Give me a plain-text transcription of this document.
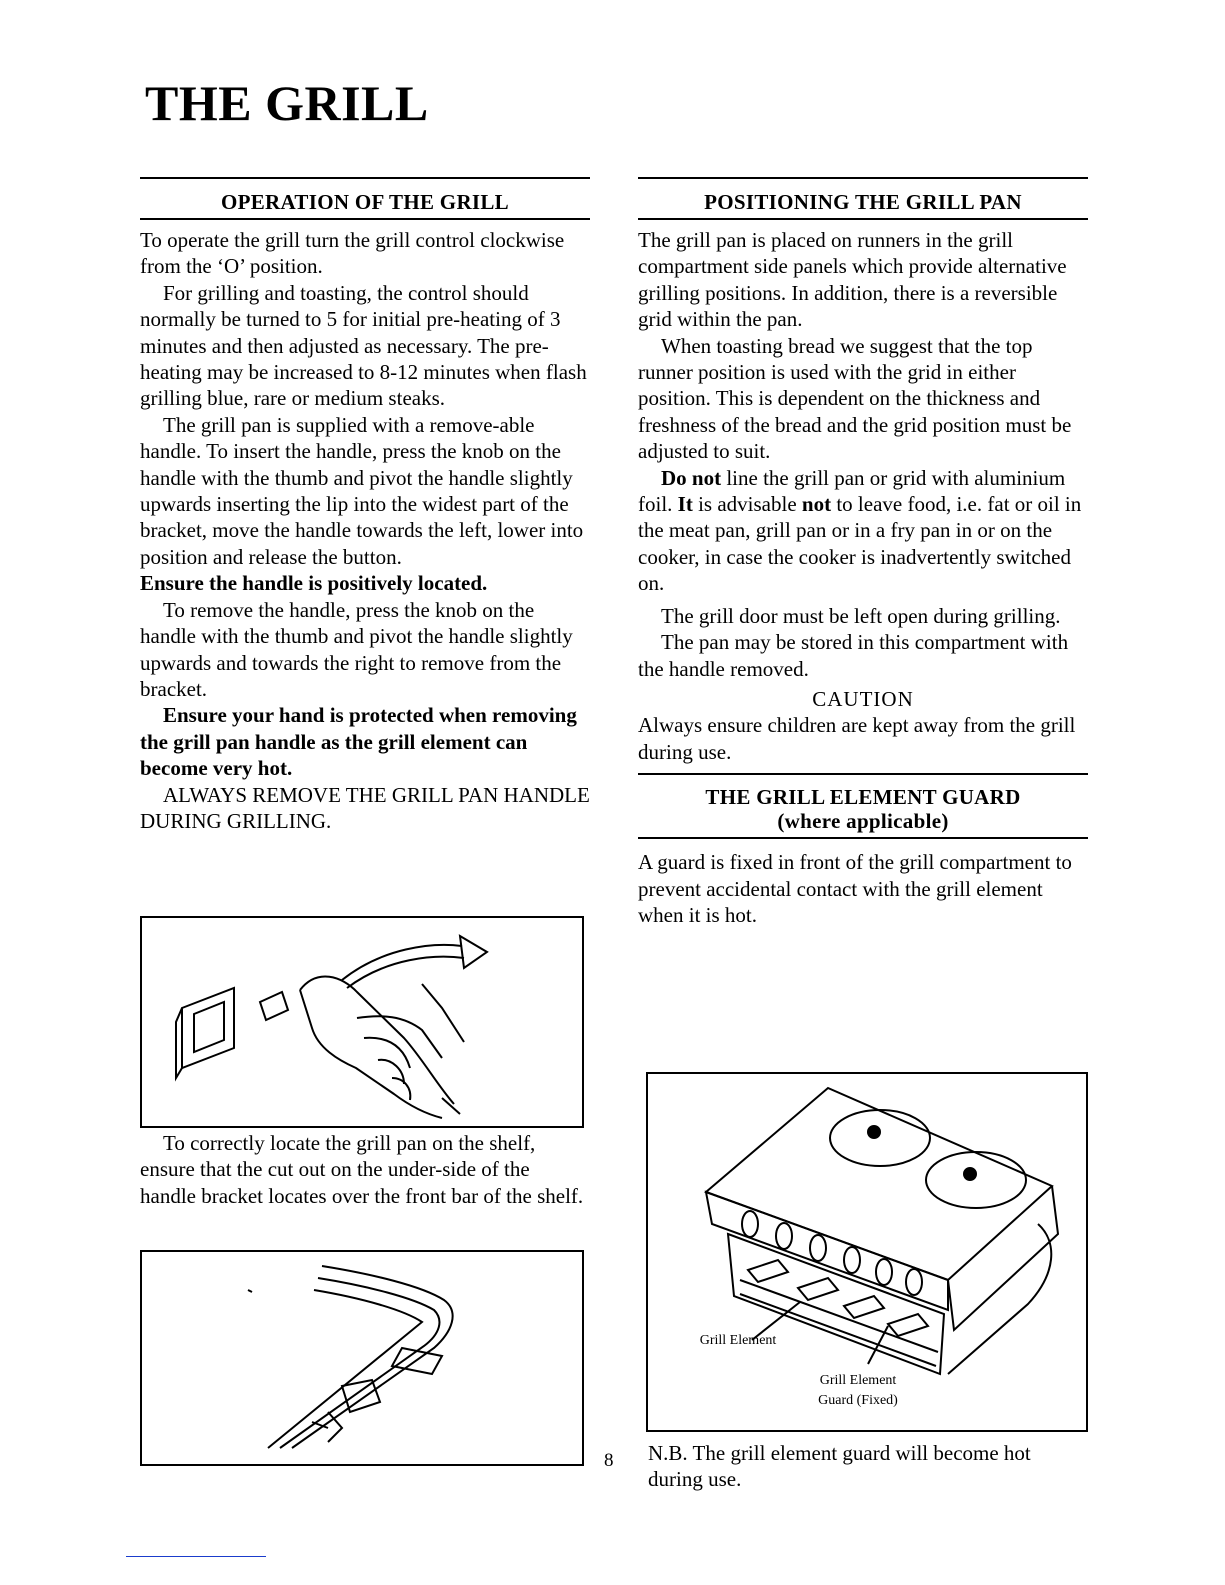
THE GRILL
OPERATION OF THE GRILL

To operate the grill turn the grill control clockwise from the ‘O’ position.

For grilling and toasting, the control should normally be turned to 5 for initial pre-heating of 3 minutes and then adjusted as necessary. The pre-heating may be increased to 8-12 minutes when flash grilling blue, rare or medium steaks.

The grill pan is supplied with a remove-able handle. To insert the handle, press the knob on the handle with the thumb and pivot the handle slightly upwards inserting the lip into the widest part of the bracket, move the handle towards the left, lower into position and release the button.

Ensure the handle is positively located.

To remove the handle, press the knob on the handle with the thumb and pivot the handle slightly upwards and towards the right to remove from the bracket.

Ensure your hand is protected when removing the grill pan handle as the grill element can become very hot.

ALWAYS REMOVE THE GRILL PAN HANDLE DURING GRILLING.

To correctly locate the grill pan on the shelf, ensure that the cut out on the under-side of the handle bracket locates over the front bar of the shelf.

8
POSITIONING THE GRILL PAN

The grill pan is placed on runners in the grill compartment side panels which provide alternative grilling positions. In addition, there is a reversible grid within the pan.

When toasting bread we suggest that the top runner position is used with the grid in either position. This is dependent on the thickness and freshness of the bread and the grid position must be adjusted to suit.

Do not line the grill pan or grid with aluminium foil. It is advisable not to leave food, i.e. fat or oil in the meat pan, grill pan or in a fry pan in or on the cooker, in case the cooker is inadvertently switched on.

The grill door must be left open during grilling.

The pan may be stored in this compartment with the handle removed.

CAUTION

Always ensure children are kept away from the grill during use.

THE GRILL ELEMENT GUARD
(where applicable)

A guard is fixed in front of the grill compartment to prevent accidental contact with the grill element when it is hot.

Grill Element
Grill Element
Guard (Fixed)

N.B. The grill element guard will become hot during use.
